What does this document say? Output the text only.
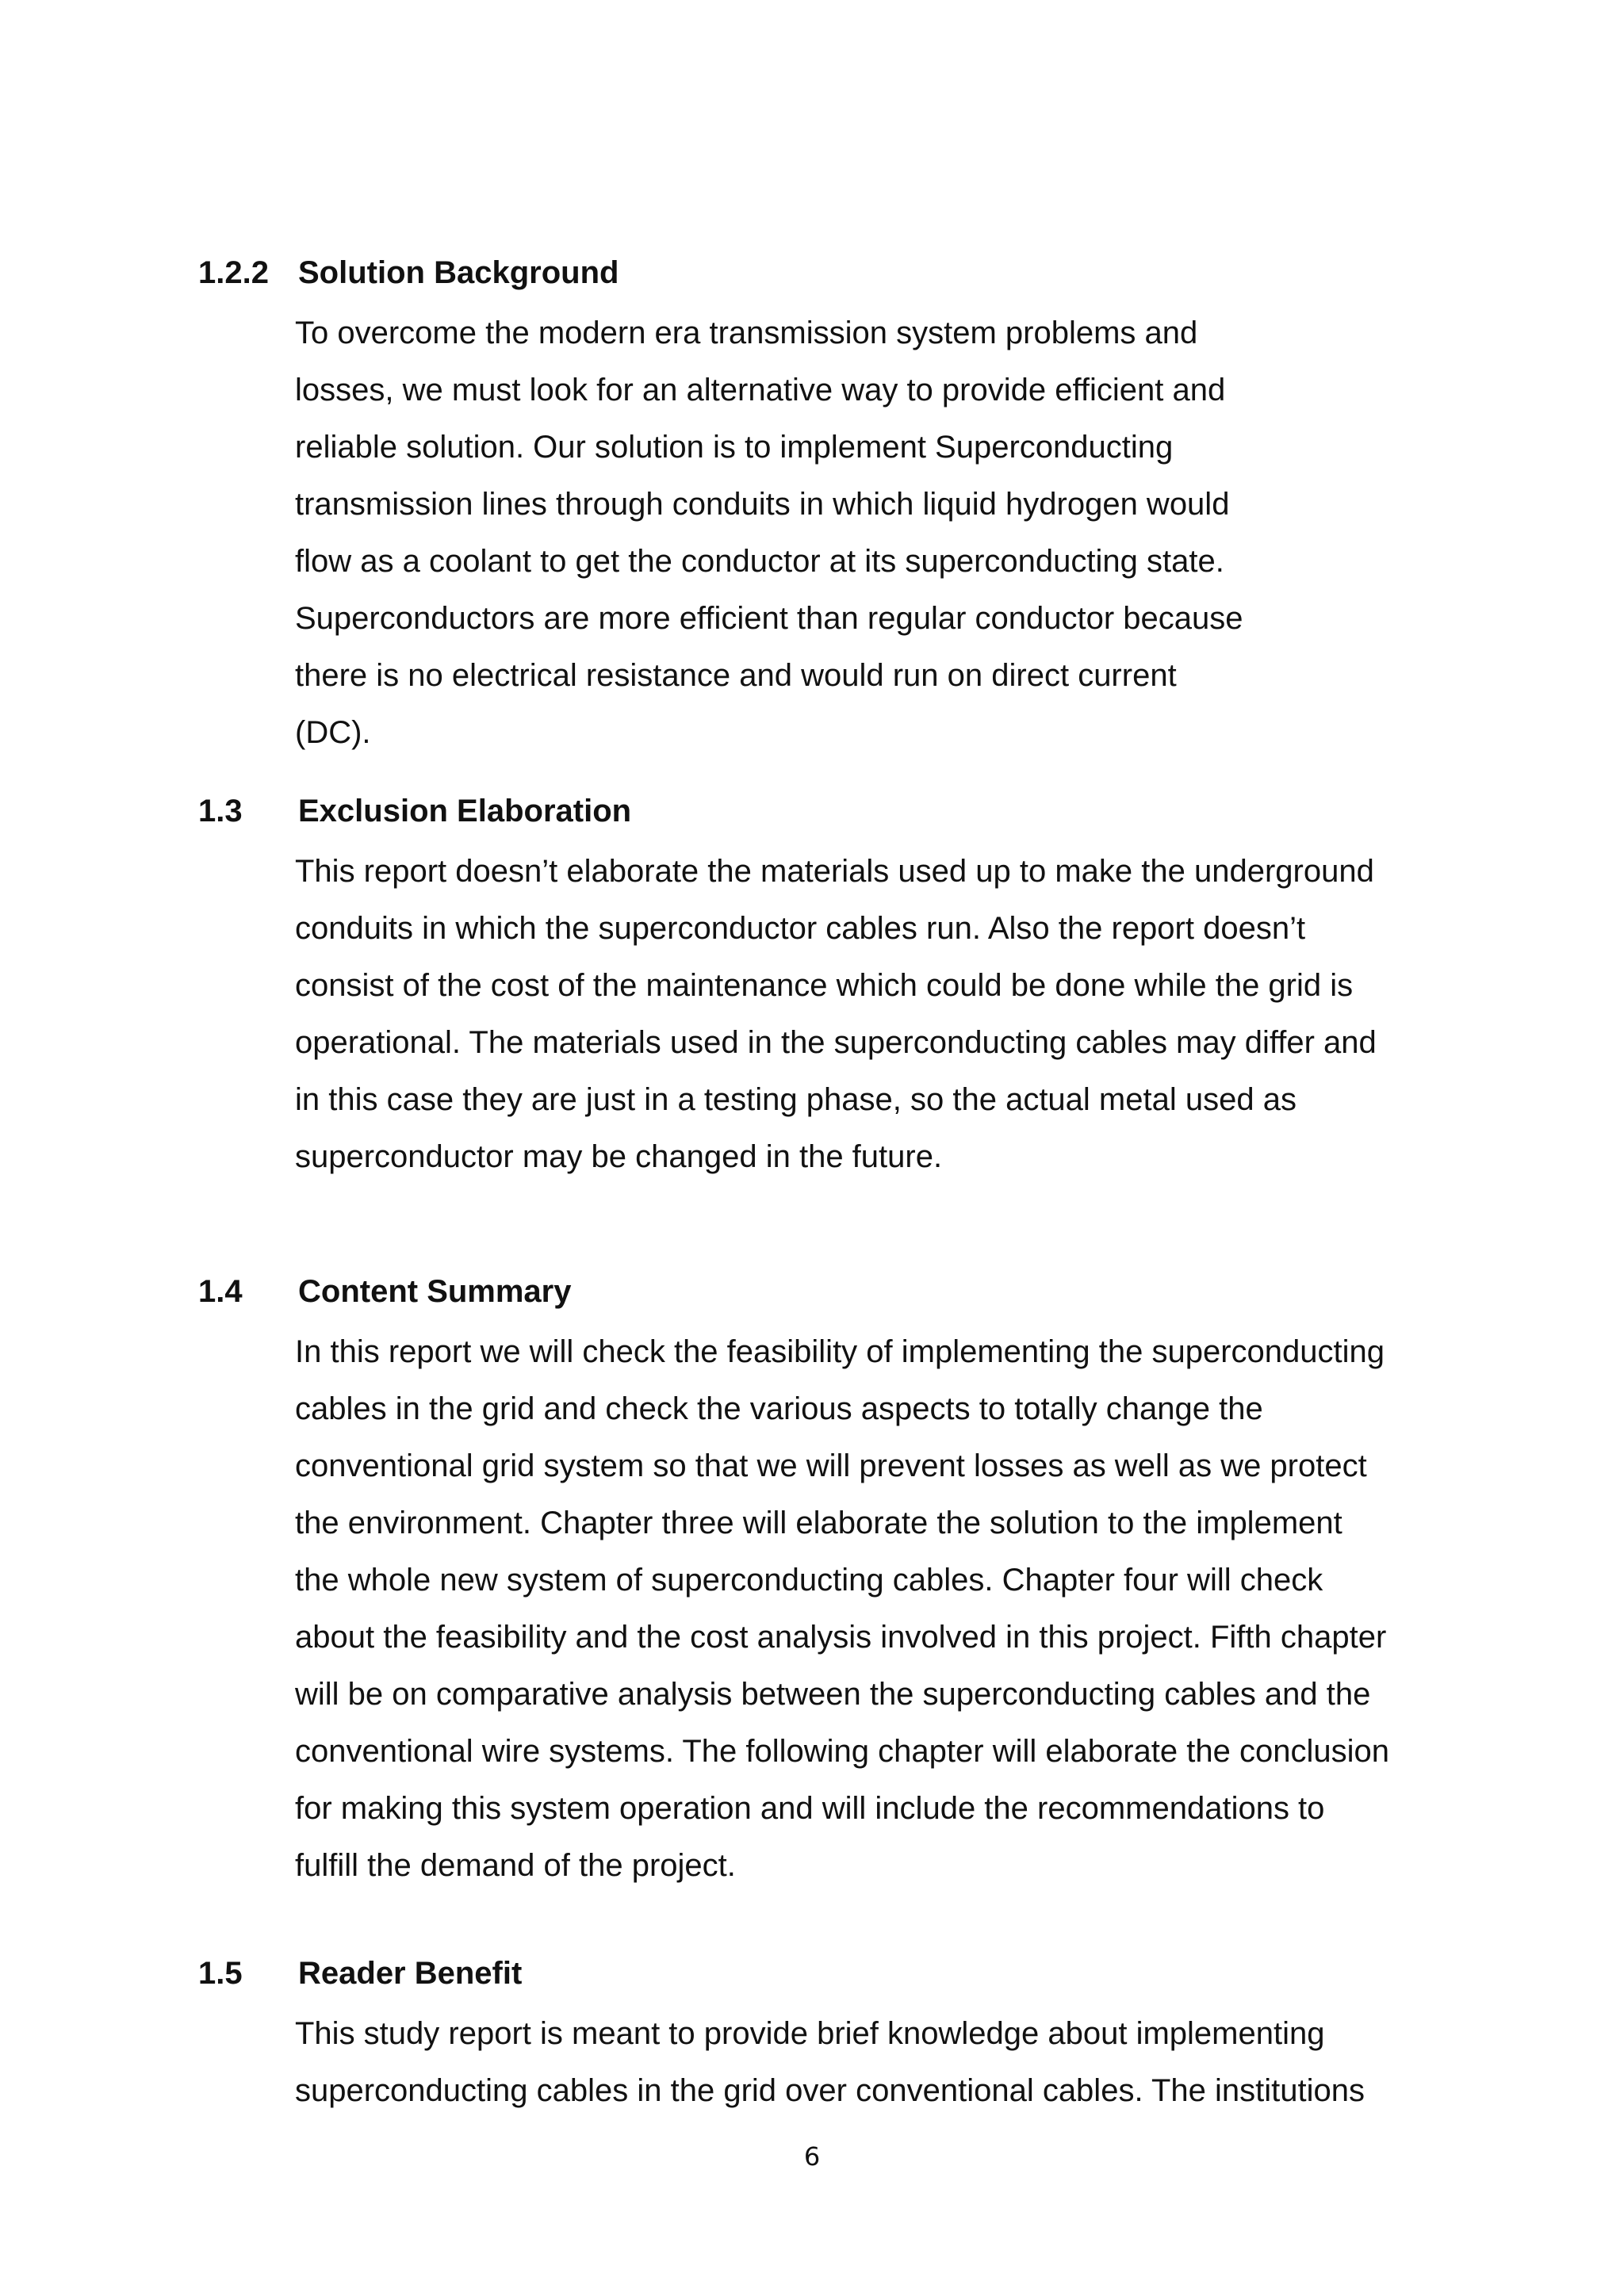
1.2.2 Solution Background
To overcome the modern era transmission system problems and
losses, we must look for an alternative way to provide efficient and
reliable solution. Our solution is to implement Superconducting
transmission lines through conduits in which liquid hydrogen would
flow as a coolant to get the conductor at its superconducting state.
Superconductors are more efficient than regular conductor because
there is no electrical resistance and would run on direct current
(DC).
1.3 Exclusion Elaboration
This report doesn’t elaborate the materials used up to make the underground
conduits in which the superconductor cables run. Also the report doesn’t
consist of the cost of the maintenance which could be done while the grid is
operational. The materials used in the superconducting cables may differ and
in this case they are just in a testing phase, so the actual metal used as
superconductor may be changed in the future.
1.4 Content Summary
In this report we will check the feasibility of implementing the superconducting
cables in the grid and check the various aspects to totally change the
conventional grid system so that we will prevent losses as well as we protect
the environment. Chapter three will elaborate the solution to the implement
the whole new system of superconducting cables. Chapter four will check
about the feasibility and the cost analysis involved in this project. Fifth chapter
will be on comparative analysis between the superconducting cables and the
conventional wire systems. The following chapter will elaborate the conclusion
for making this system operation and will include the recommendations to
fulfill the demand of the project.
1.5 Reader Benefit
This study report is meant to provide brief knowledge about implementing
superconducting cables in the grid over conventional cables. The institutions
6
